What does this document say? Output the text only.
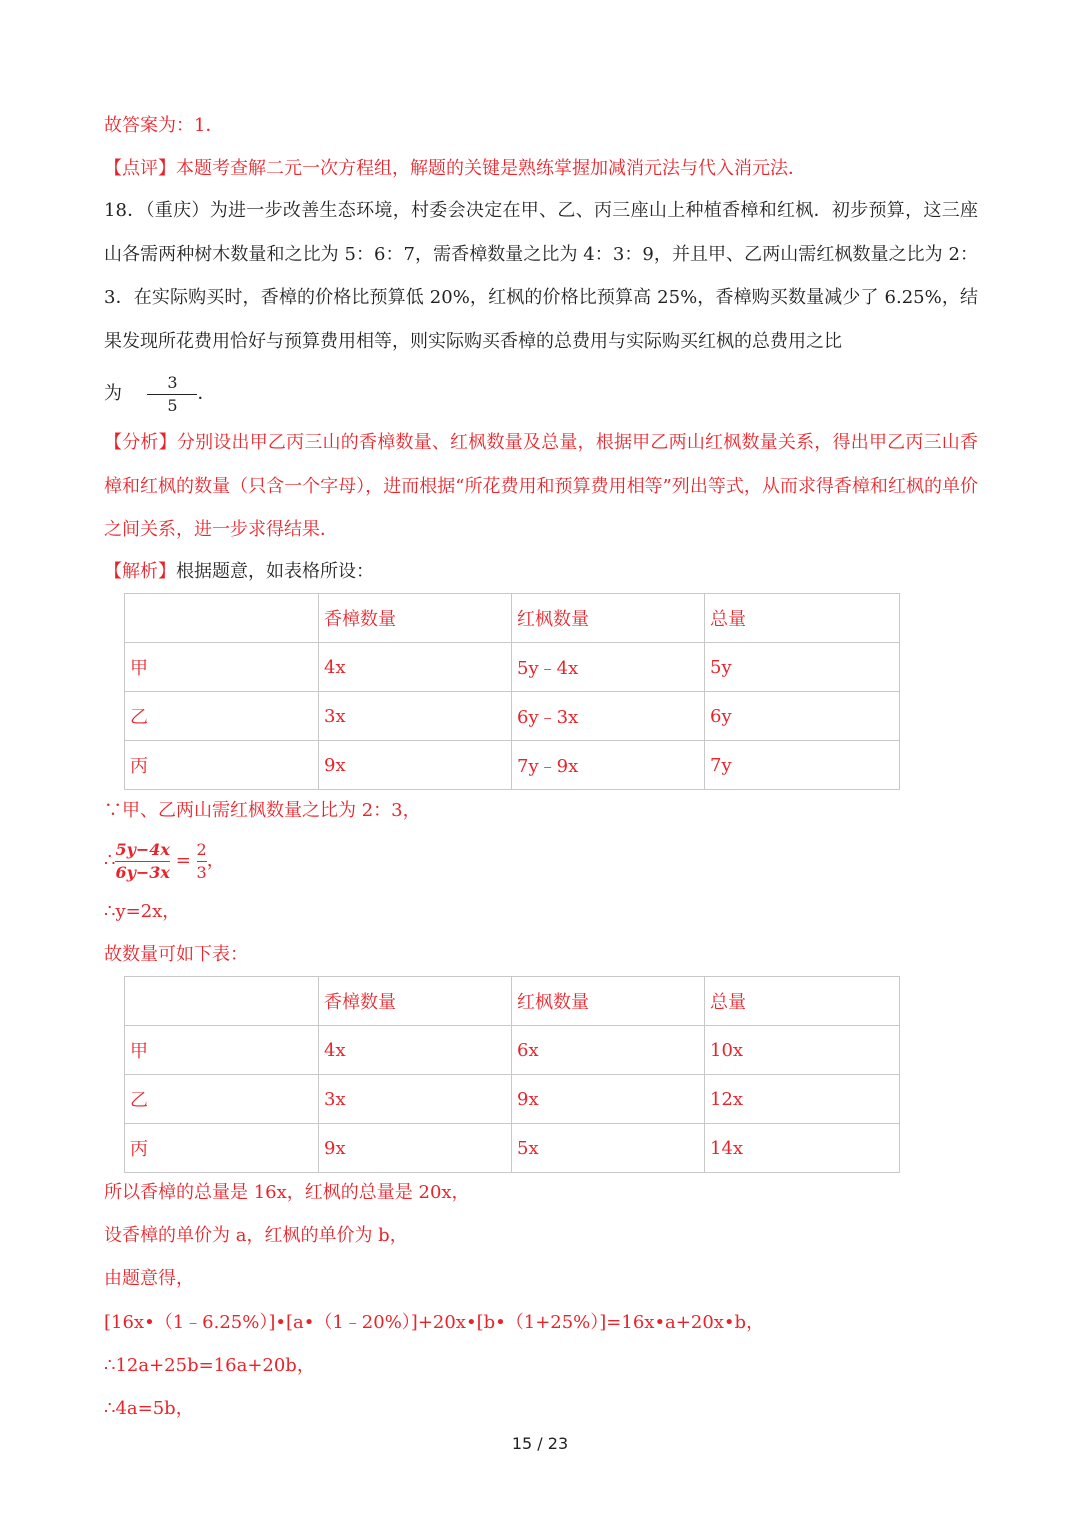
故答案为：1．
【点评】本题考查解二元一次方程组，解题的关键是熟练掌握加减消元法与代入消元法．
18．（重庆）为进一步改善生态环境，村委会决定在甲、乙、丙三座山上种植香樟和红枫．初步预算，这三座山各需两种树木数量和之比为 5：6：7，需香樟数量之比为 4：3：9，并且甲、乙两山需红枫数量之比为 2：3．在实际购买时，香樟的价格比预算低 20%，红枫的价格比预算高 25%，香樟购买数量减少了 6.25%，结果发现所花费用恰好与预算费用相等，则实际购买香樟的总费用与实际购买红枫的总费用之比
为 $\frac{3}{5}$ ．
【分析】分别设出甲乙丙三山的香樟数量、红枫数量及总量，根据甲乙两山红枫数量关系，得出甲乙丙三山香樟和红枫的数量（只含一个字母），进而根据“所花费用和预算费用相等”列出等式，从而求得香樟和红枫的单价之间关系，进一步求得结果．
【解析】根据题意，如表格所设：
	香樟数量	红枫数量	总量
甲	4x	5y﹣4x	5y
乙	3x	6y﹣3x	6y
丙	9x	7y﹣9x	7y
∵甲、乙两山需红枫数量之比为 2：3，
∴ $\frac{5y-4x}{6y-3x} = \frac{2}{3}$ ，
∴y=2x，
故数量可如下表：
	香樟数量	红枫数量	总量
甲	4x	6x	10x
乙	3x	9x	12x
丙	9x	5x	14x
所以香樟的总量是 16x，红枫的总量是 20x，
设香樟的单价为 a，红枫的单价为 b，
由题意得，
[16x•（1﹣6.25%）]•[a•（1﹣20%）]+20x•[b•（1+25%）]=16x•a+20x•b，
∴12a+25b=16a+20b，
∴4a=5b，
15 / 23
